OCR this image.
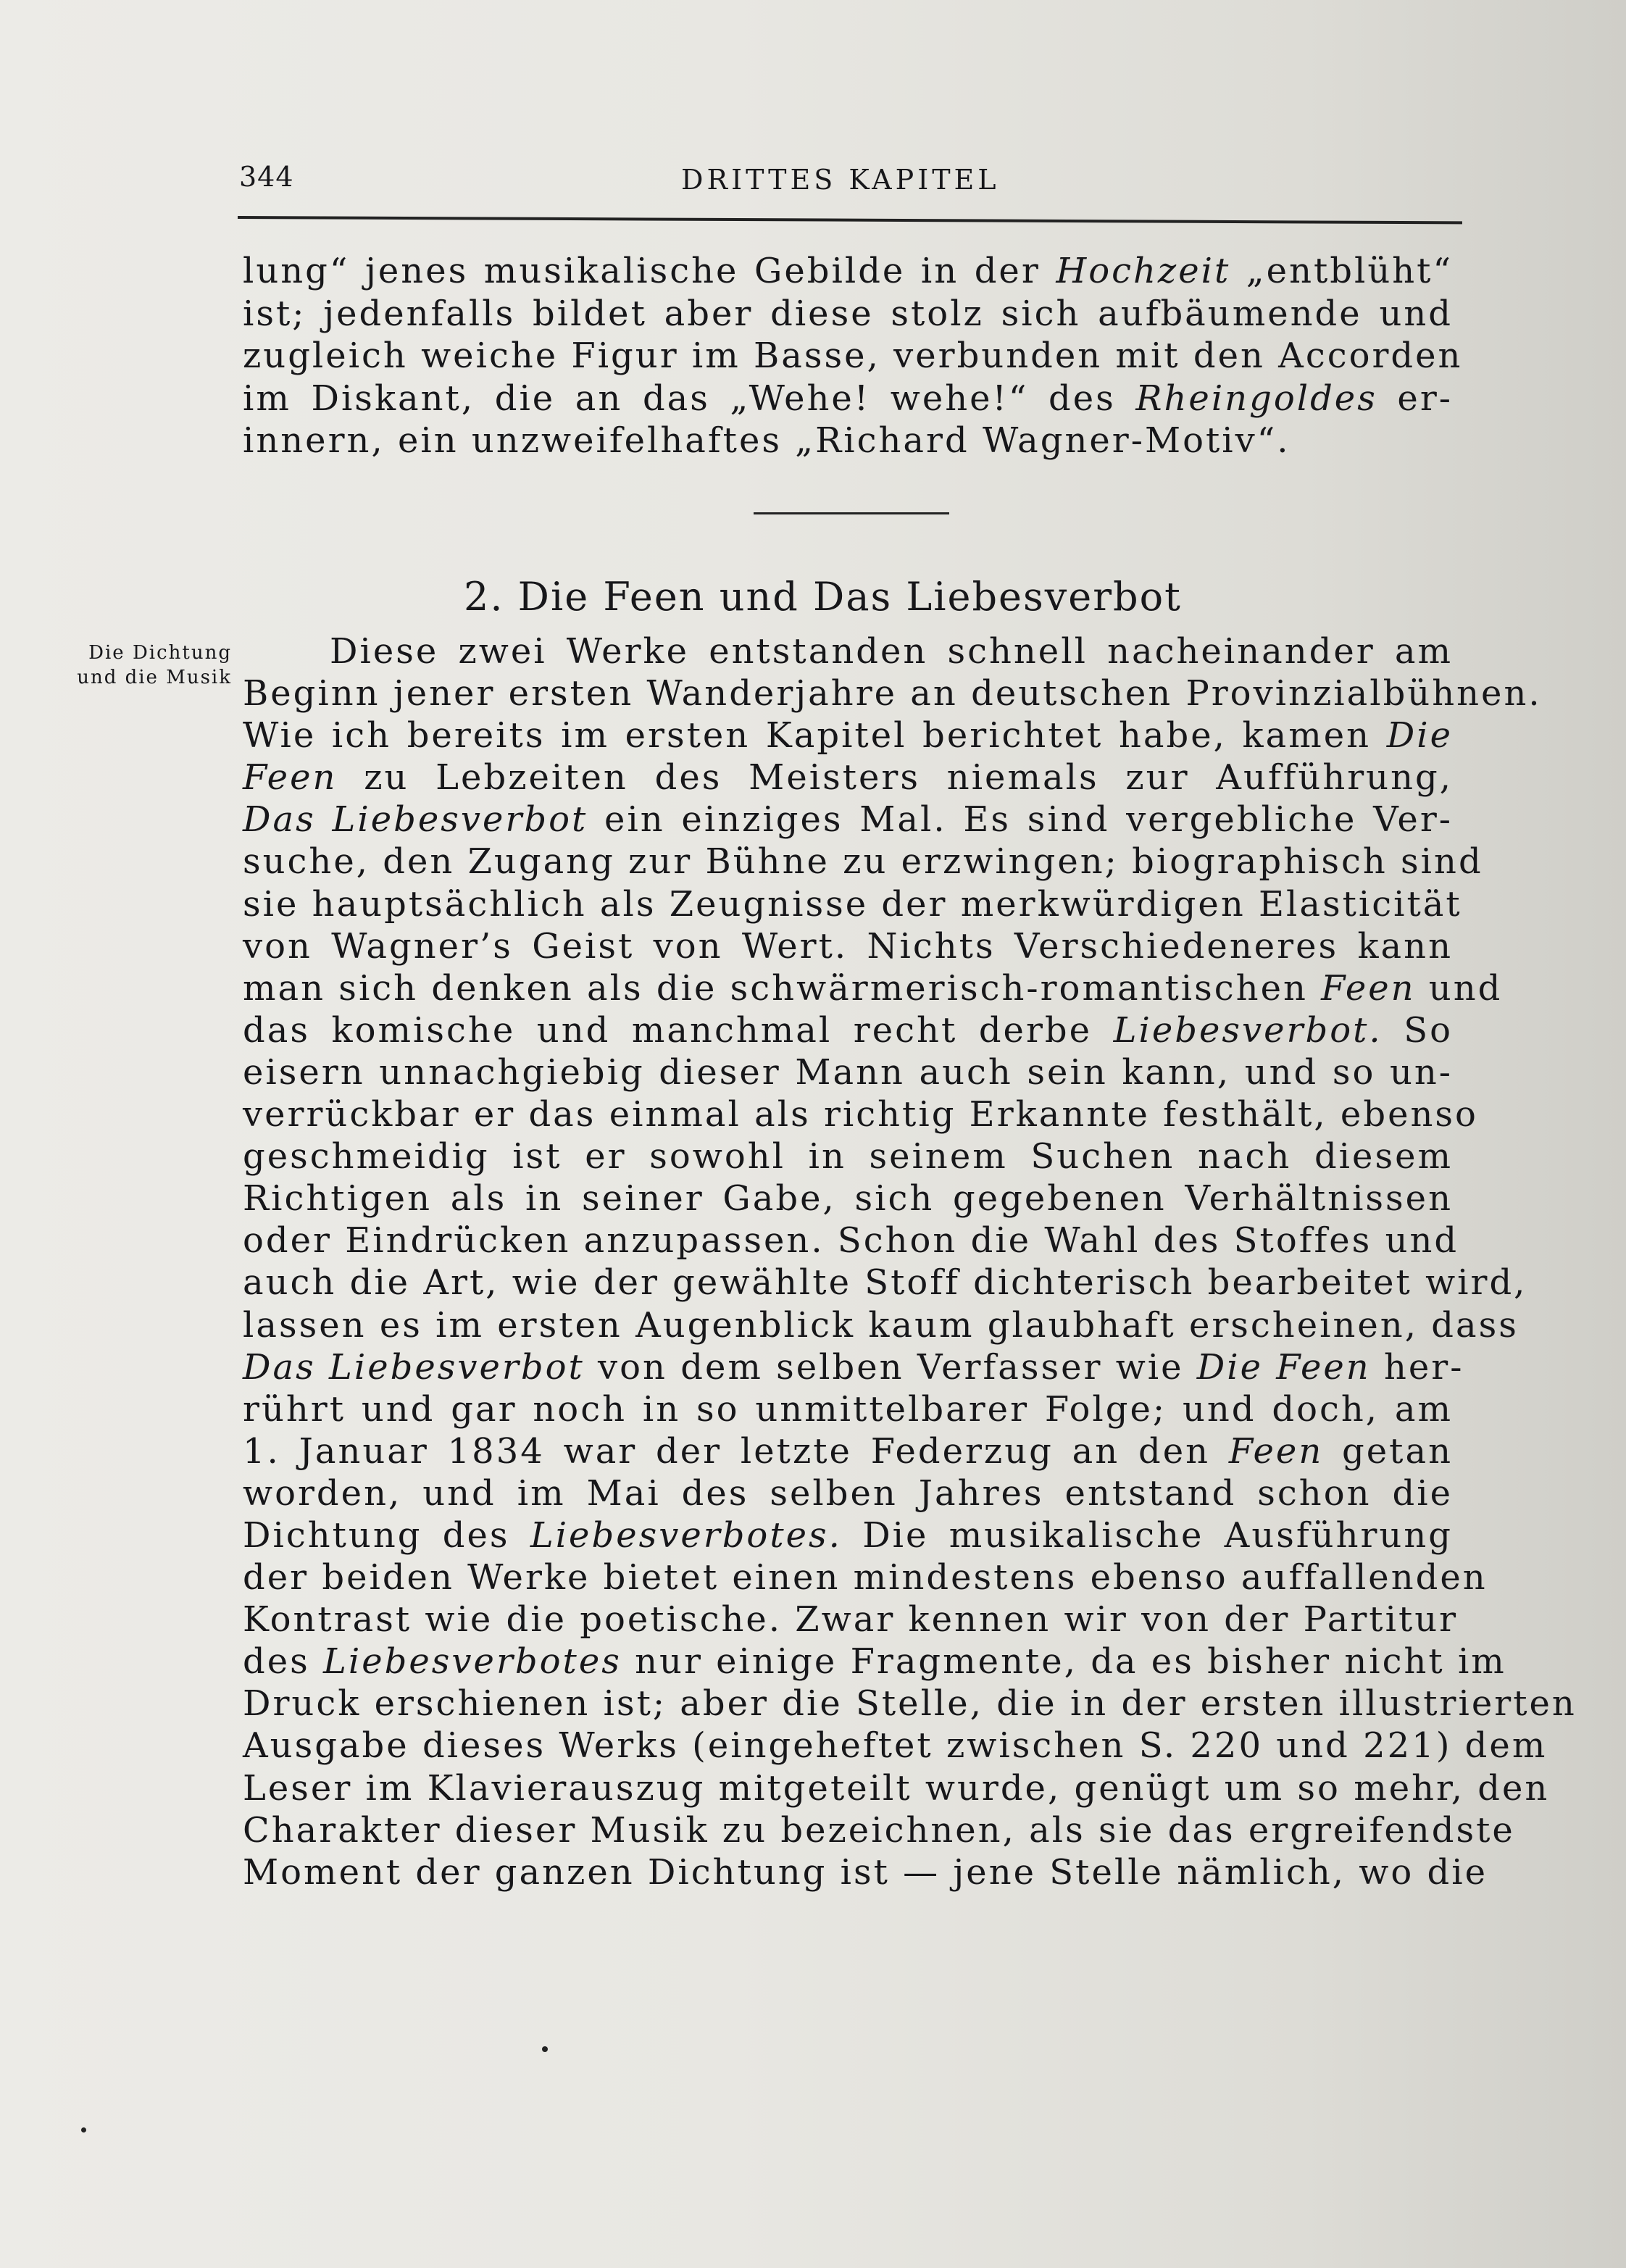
344	DRITTES KAPITEL
lung“ jenes musikalische Gebilde in der Hochzeit „entblüht“
ist; jedenfalls bildet aber diese stolz sich aufbäumende und
zugleich weiche Figur im Basse, verbunden mit den Accorden
im Diskant, die an das „Wehe! wehe!“ des Rheingoldes er-
innern, ein unzweifelhaftes „Richard Wagner-Motiv“.
2. Die Feen und Das Liebesverbot
Die Dichtung
und die Musik
Diese zwei Werke entstanden schnell nacheinander am
Beginn jener ersten Wanderjahre an deutschen Provinzialbühnen.
Wie ich bereits im ersten Kapitel berichtet habe, kamen Die
Feen zu Lebzeiten des Meisters niemals zur Aufführung,
Das Liebesverbot ein einziges Mal. Es sind vergebliche Ver-
suche, den Zugang zur Bühne zu erzwingen; biographisch sind
sie hauptsächlich als Zeugnisse der merkwürdigen Elasticität
von Wagner’s Geist von Wert. Nichts Verschiedeneres kann
man sich denken als die schwärmerisch-romantischen Feen und
das komische und manchmal recht derbe Liebesverbot. So
eisern unnachgiebig dieser Mann auch sein kann, und so un-
verrückbar er das einmal als richtig Erkannte festhält, ebenso
geschmeidig ist er sowohl in seinem Suchen nach diesem
Richtigen als in seiner Gabe, sich gegebenen Verhältnissen
oder Eindrücken anzupassen. Schon die Wahl des Stoffes und
auch die Art, wie der gewählte Stoff dichterisch bearbeitet wird,
lassen es im ersten Augenblick kaum glaubhaft erscheinen, dass
Das Liebesverbot von dem selben Verfasser wie Die Feen her-
rührt und gar noch in so unmittelbarer Folge; und doch, am
1. Januar 1834 war der letzte Federzug an den Feen getan
worden, und im Mai des selben Jahres entstand schon die
Dichtung des Liebesverbotes. Die musikalische Ausführung
der beiden Werke bietet einen mindestens ebenso auffallenden
Kontrast wie die poetische. Zwar kennen wir von der Partitur
des Liebesverbotes nur einige Fragmente, da es bisher nicht im
Druck erschienen ist; aber die Stelle, die in der ersten illustrierten
Ausgabe dieses Werks (eingeheftet zwischen S. 220 und 221) dem
Leser im Klavierauszug mitgeteilt wurde, genügt um so mehr, den
Charakter dieser Musik zu bezeichnen, als sie das ergreifendste
Moment der ganzen Dichtung ist — jene Stelle nämlich, wo die
